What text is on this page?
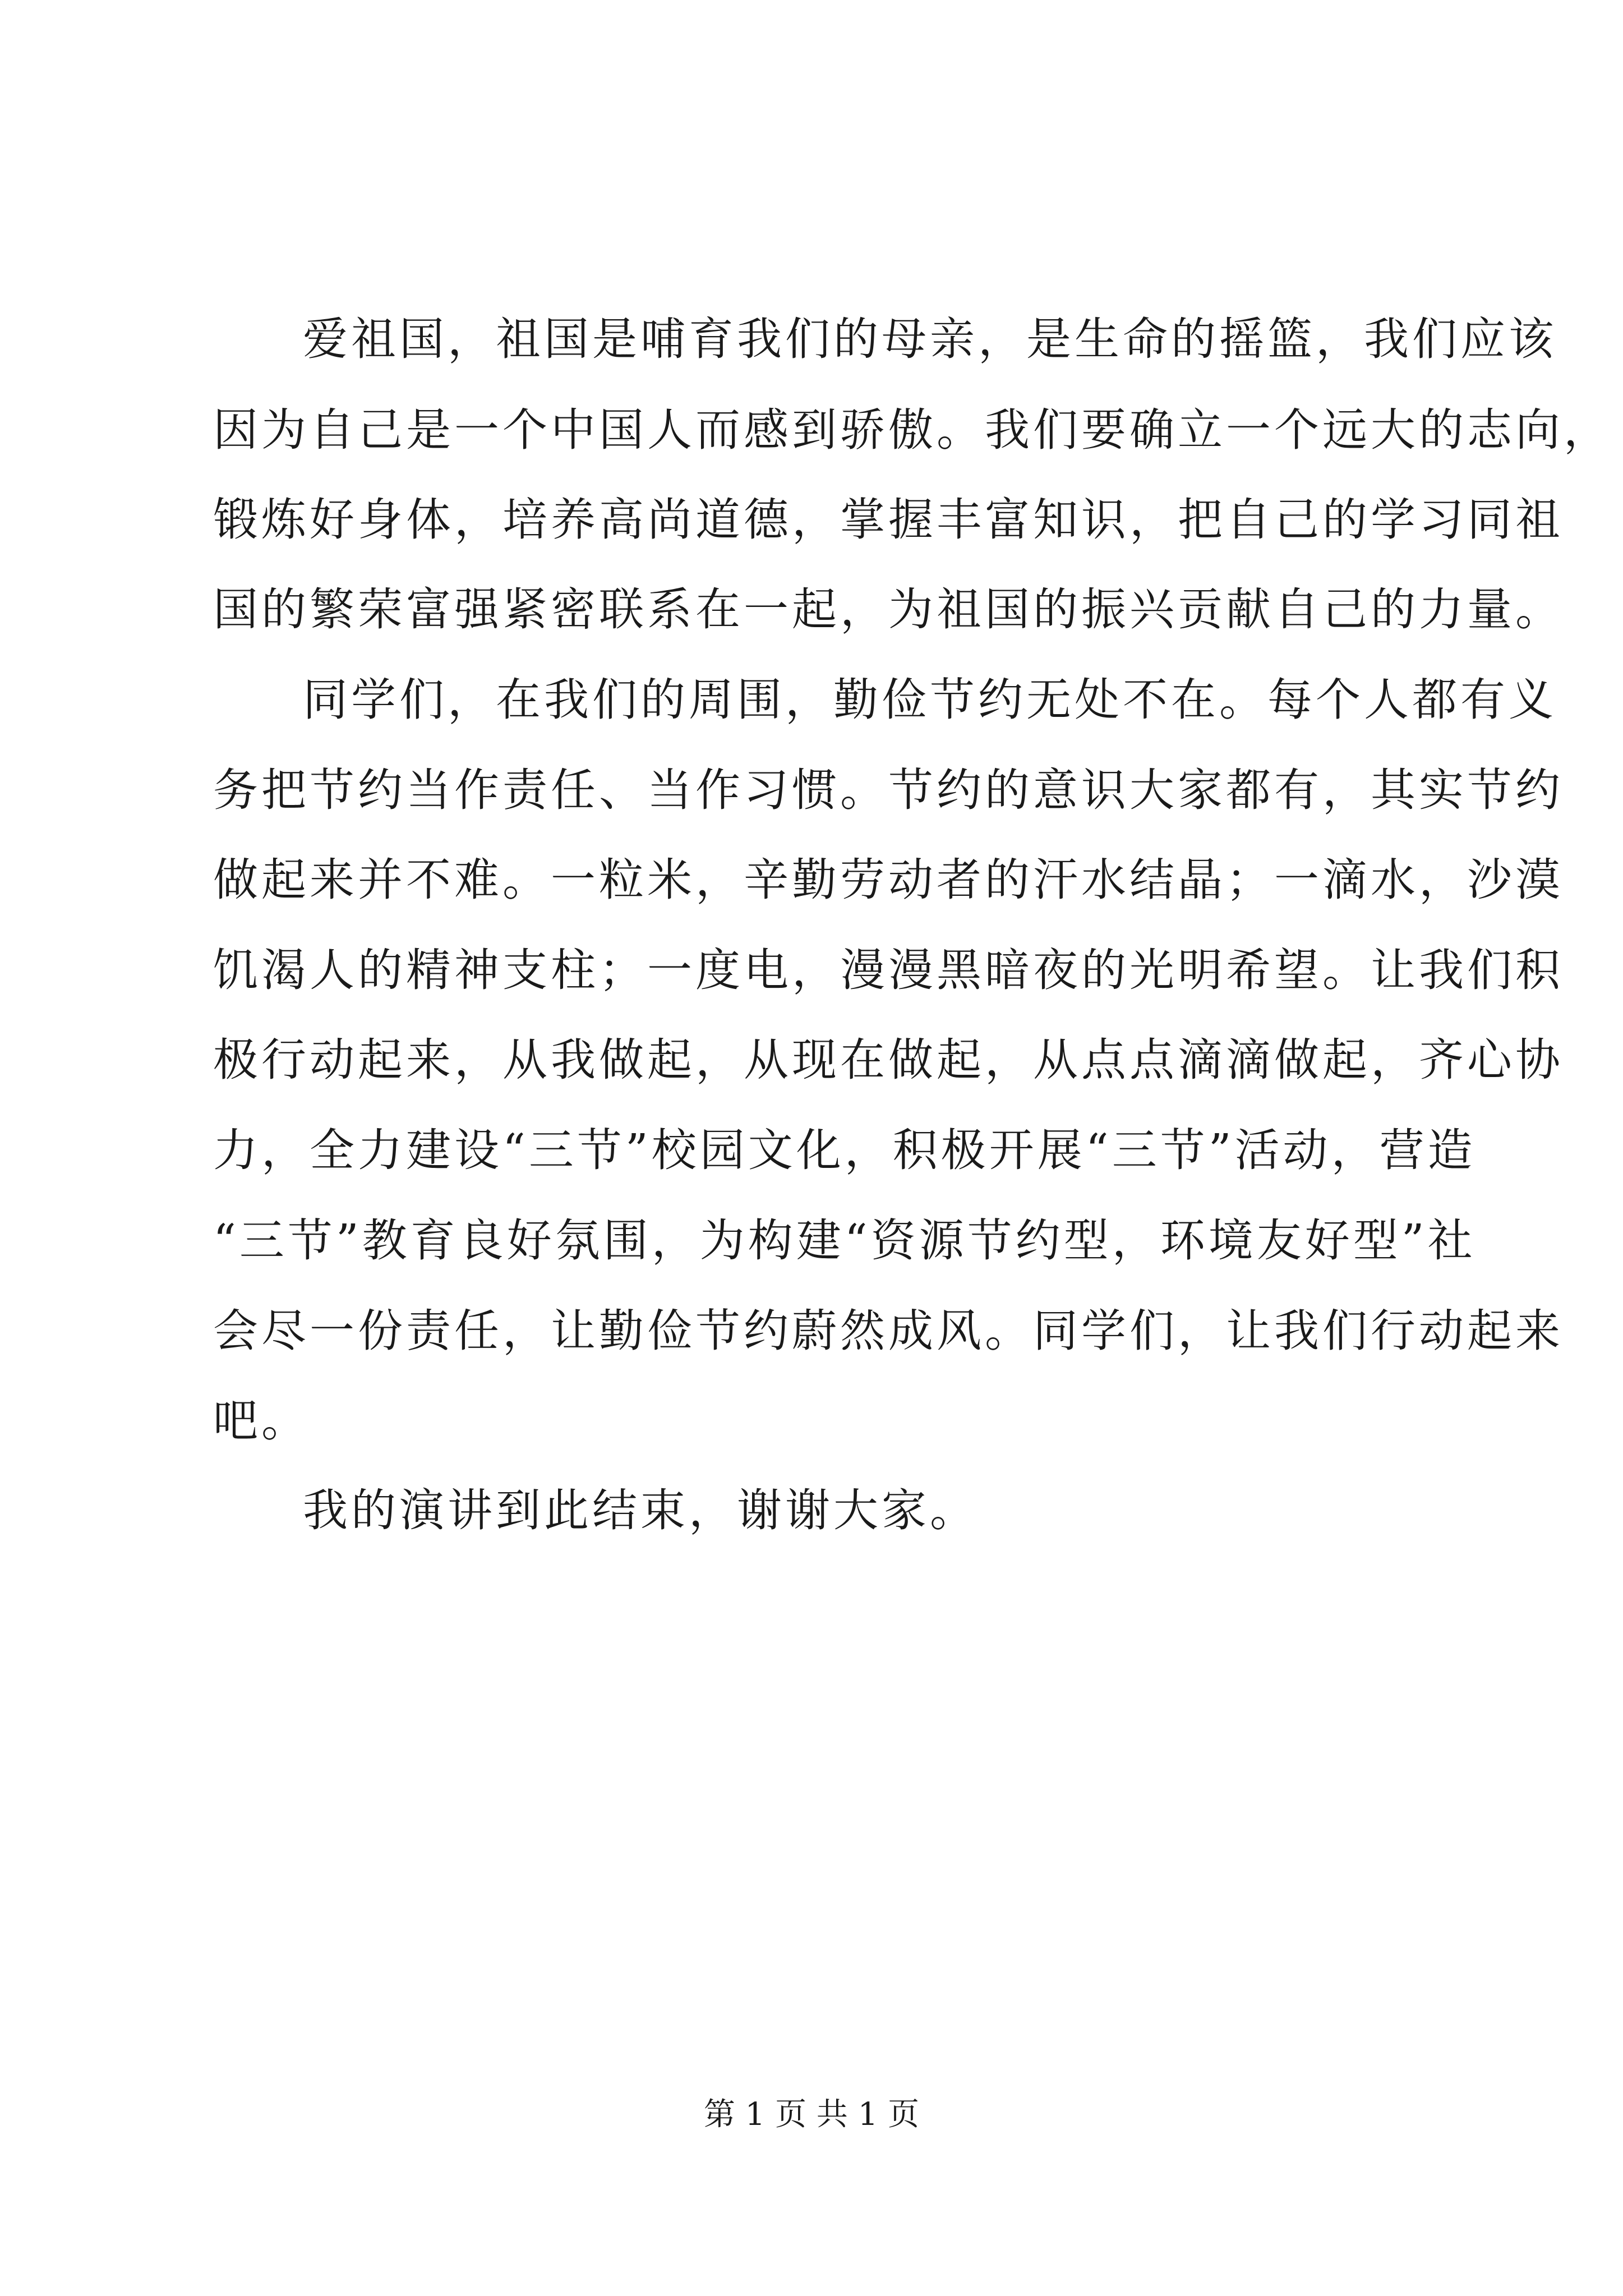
爱祖国，祖国是哺育我们的母亲，是生命的摇篮，我们应该
因为自己是一个中国人而感到骄傲。我们要确立一个远大的志向，
锻炼好身体，培养高尚道德，掌握丰富知识，把自己的学习同祖
国的繁荣富强紧密联系在一起，为祖国的振兴贡献自己的力量。
同学们，在我们的周围，勤俭节约无处不在。每个人都有义
务把节约当作责任、当作习惯。节约的意识大家都有，其实节约
做起来并不难。一粒米，辛勤劳动者的汗水结晶；一滴水，沙漠
饥渴人的精神支柱；一度电，漫漫黑暗夜的光明希望。让我们积
极行动起来，从我做起，从现在做起，从点点滴滴做起，齐心协
力，全力建设“三节”校园文化，积极开展“三节”活动，营造
“三节”教育良好氛围，为构建“资源节约型，环境友好型”社
会尽一份责任，让勤俭节约蔚然成风。同学们，让我们行动起来
吧。
我的演讲到此结束，谢谢大家。
第 1 页 共 1 页
